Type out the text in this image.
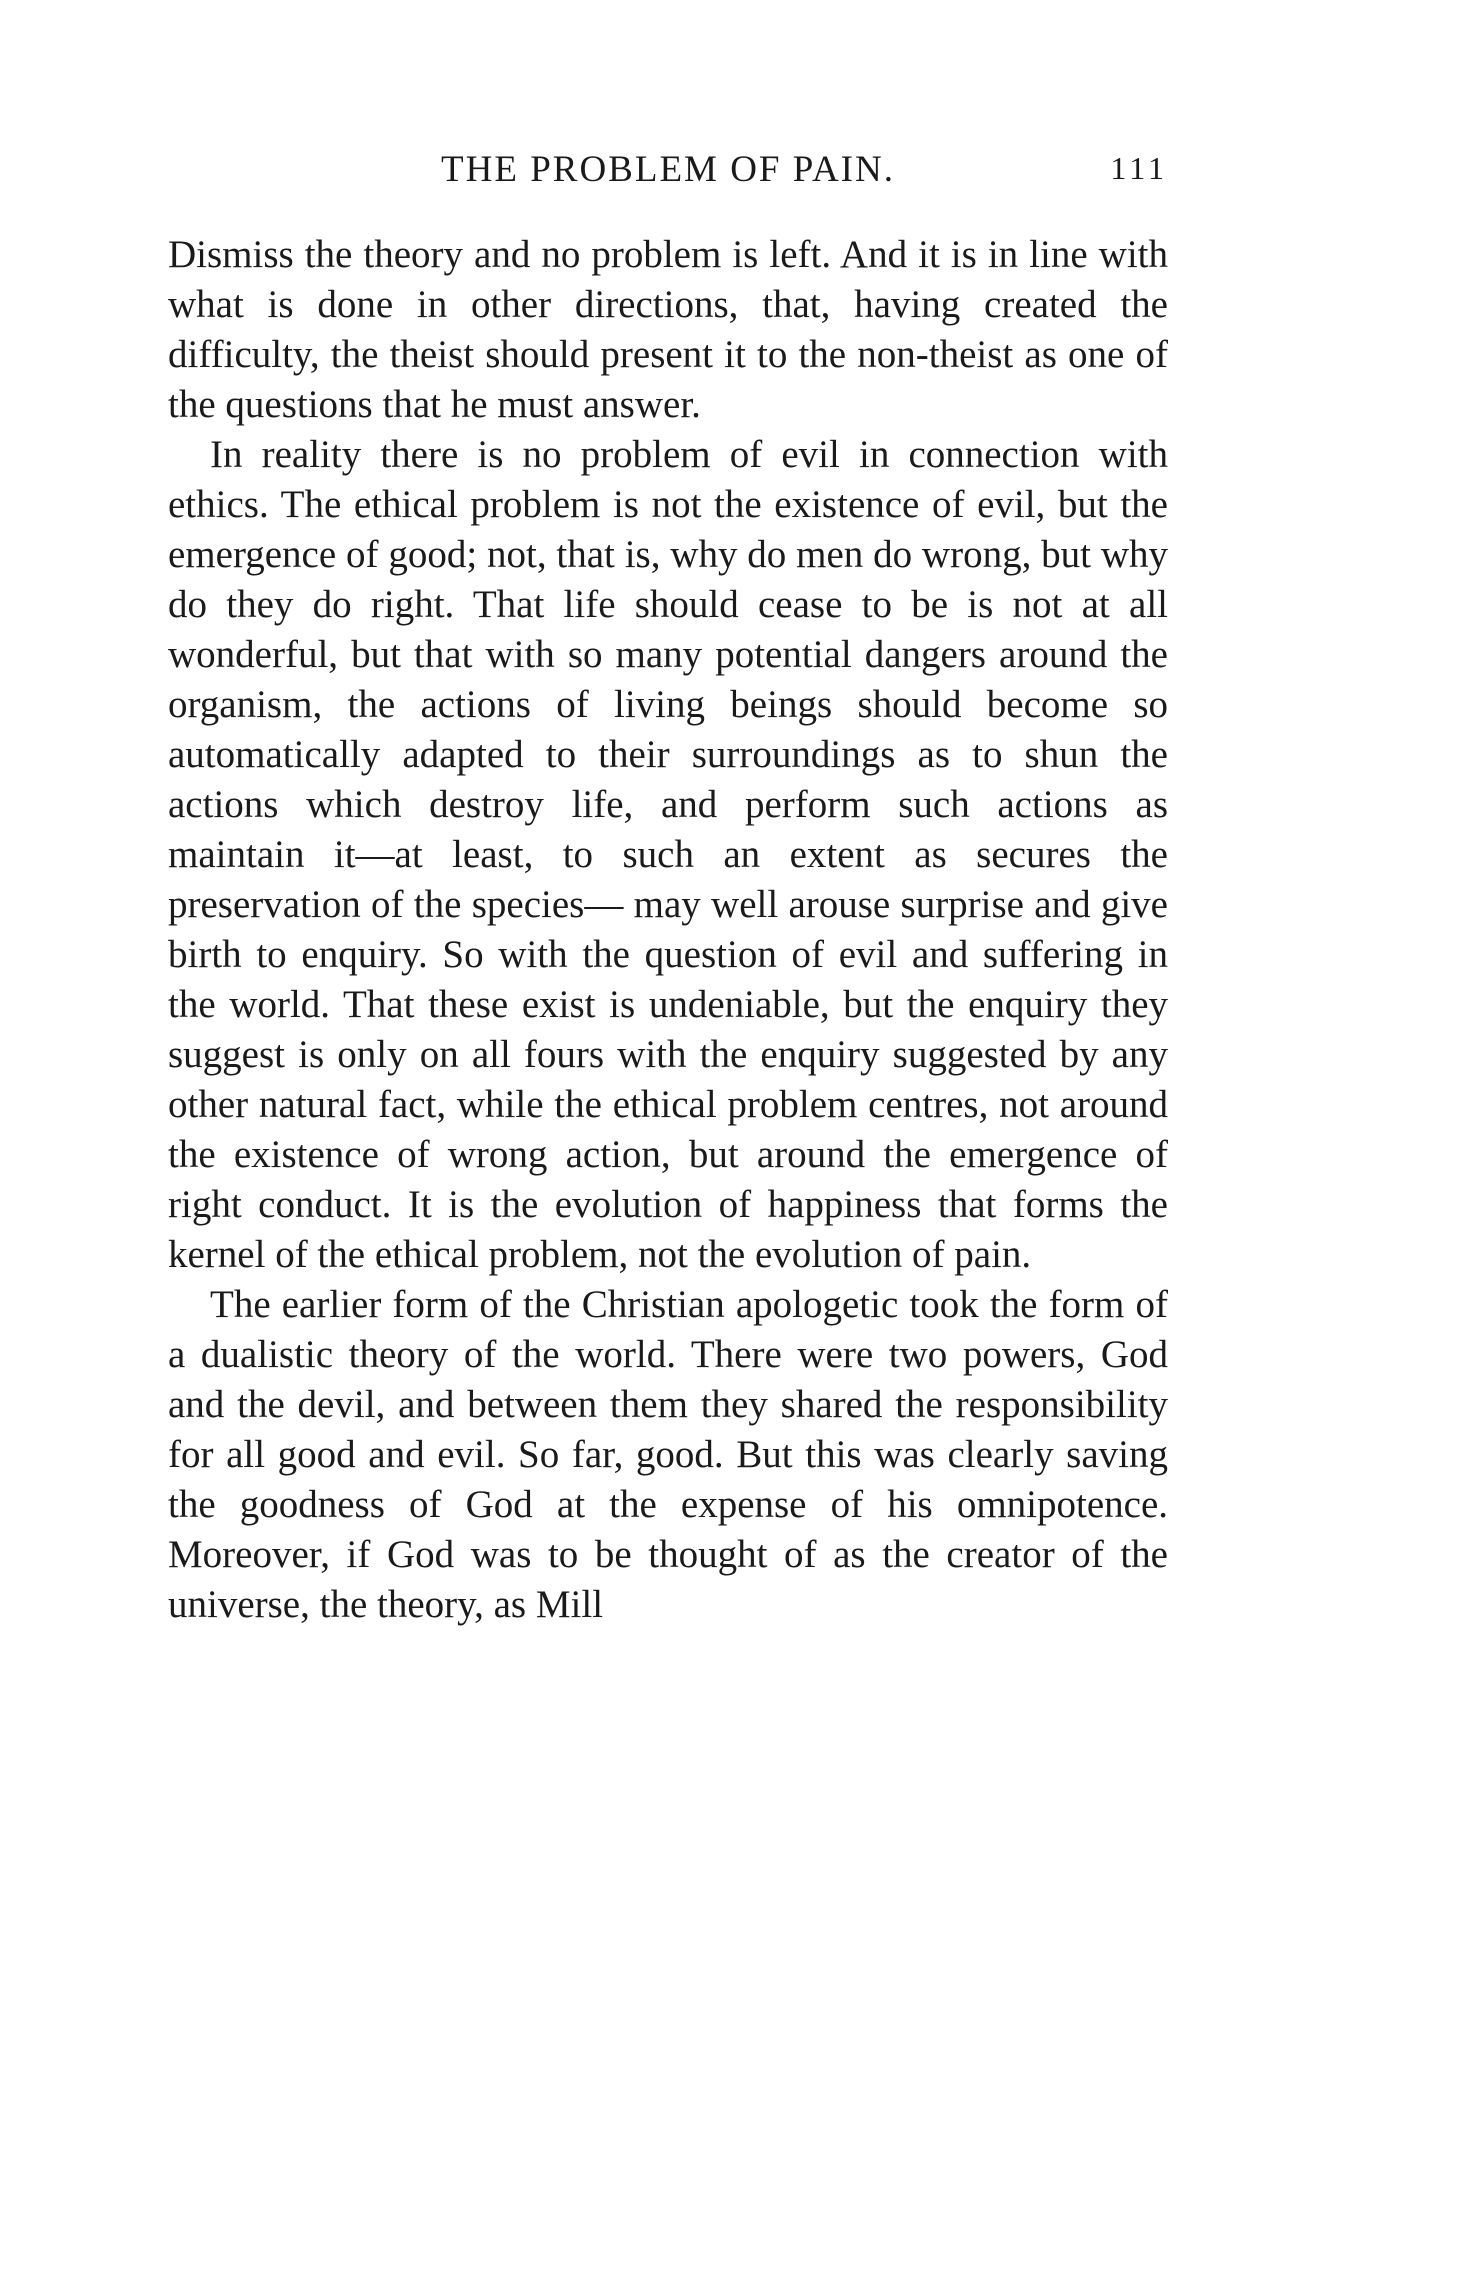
THE PROBLEM OF PAIN.	111

Dismiss the theory and no problem is left. And it is in line with what is done in other directions, that, having created the difficulty, the theist should present it to the non-theist as one of the questions that he must answer.

In reality there is no problem of evil in connection with ethics. The ethical problem is not the existence of evil, but the emergence of good; not, that is, why do men do wrong, but why do they do right. That life should cease to be is not at all wonderful, but that with so many potential dangers around the organism, the actions of living beings should become so automatically adapted to their surroundings as to shun the actions which destroy life, and perform such actions as maintain it—at least, to such an extent as secures the preservation of the species— may well arouse surprise and give birth to enquiry. So with the question of evil and suffering in the world. That these exist is undeniable, but the enquiry they suggest is only on all fours with the enquiry suggested by any other natural fact, while the ethical problem centres, not around the existence of wrong action, but around the emergence of right conduct. It is the evolution of happiness that forms the kernel of the ethical problem, not the evolution of pain.

The earlier form of the Christian apologetic took the form of a dualistic theory of the world. There were two powers, God and the devil, and between them they shared the responsibility for all good and evil. So far, good. But this was clearly saving the goodness of God at the expense of his omnipotence. Moreover, if God was to be thought of as the creator of the universe, the theory, as Mill
